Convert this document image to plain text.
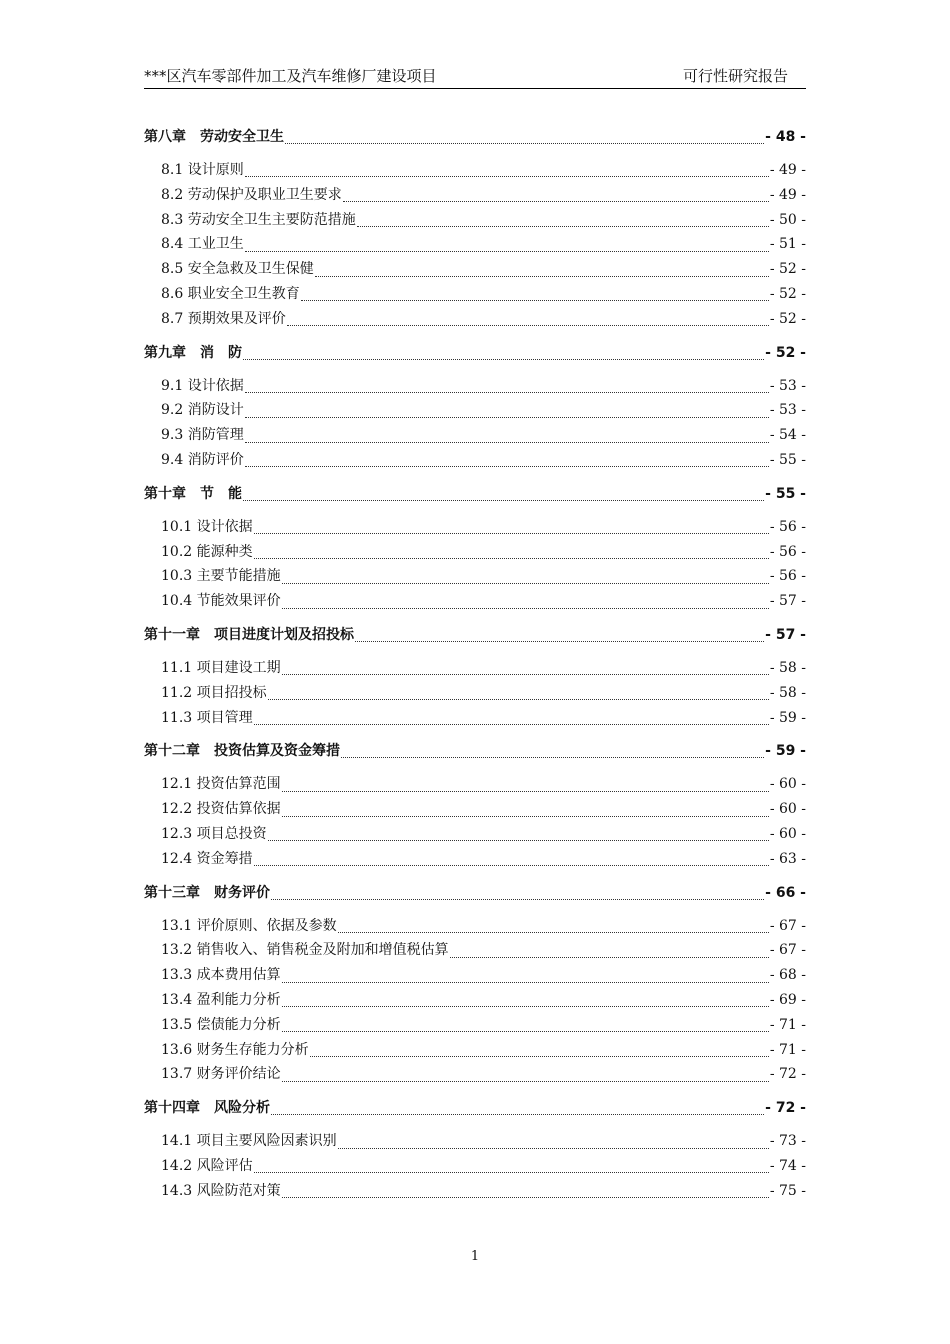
***区汽车零部件加工及汽车维修厂建设项目	可行性研究报告
第八章　劳动安全卫生	- 48 -
8.1 设计原则	- 49 -
8.2 劳动保护及职业卫生要求	- 49 -
8.3 劳动安全卫生主要防范措施	- 50 -
8.4 工业卫生	- 51 -
8.5 安全急救及卫生保健	- 52 -
8.6 职业安全卫生教育	- 52 -
8.7 预期效果及评价	- 52 -
第九章　消　防	- 52 -
9.1 设计依据	- 53 -
9.2 消防设计	- 53 -
9.3 消防管理	- 54 -
9.4 消防评价	- 55 -
第十章　节　能	- 55 -
10.1 设计依据	- 56 -
10.2 能源种类	- 56 -
10.3 主要节能措施	- 56 -
10.4 节能效果评价	- 57 -
第十一章　项目进度计划及招投标	- 57 -
11.1 项目建设工期	- 58 -
11.2 项目招投标	- 58 -
11.3 项目管理	- 59 -
第十二章　投资估算及资金筹措	- 59 -
12.1 投资估算范围	- 60 -
12.2 投资估算依据	- 60 -
12.3 项目总投资	- 60 -
12.4 资金筹措	- 63 -
第十三章　财务评价	- 66 -
13.1 评价原则、依据及参数	- 67 -
13.2 销售收入、销售税金及附加和增值税估算	- 67 -
13.3 成本费用估算	- 68 -
13.4 盈利能力分析	- 69 -
13.5 偿债能力分析	- 71 -
13.6 财务生存能力分析	- 71 -
13.7 财务评价结论	- 72 -
第十四章　风险分析	- 72 -
14.1 项目主要风险因素识别	- 73 -
14.2 风险评估	- 74 -
14.3 风险防范对策	- 75 -
1
